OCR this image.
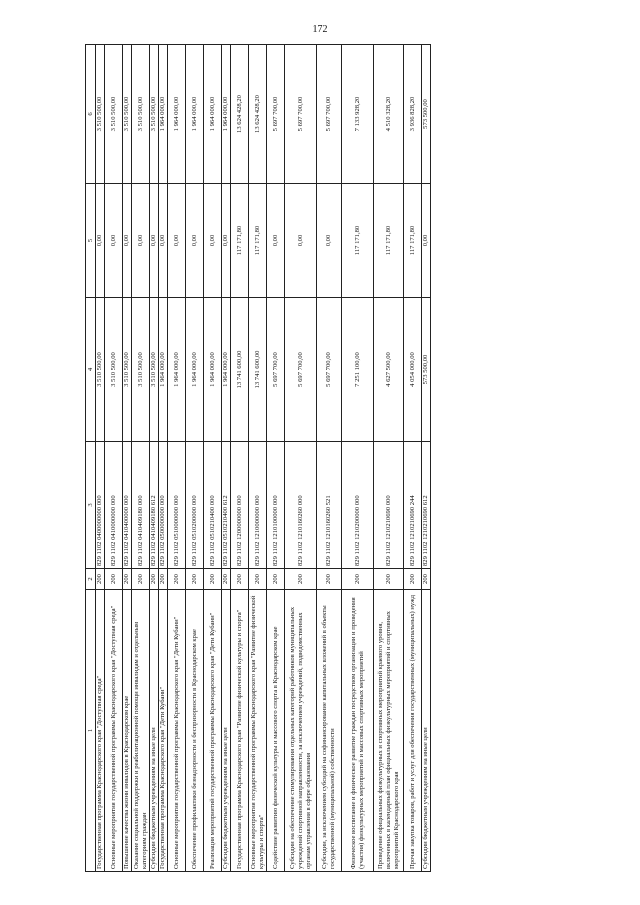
172
1	2	3	4	5	6
Государственная программа Краснодарского края "Доступная среда"	200	829 1102 0400000000 000	3 510 500,00	0,00	3 510 500,00
Основные мероприятия государственной программы Краснодарского края "Доступная среда"	200	829 1102 0410000000 000	3 510 500,00	0,00	3 510 500,00
Повышение качества жизни инвалидов в Краснодарском крае	200	829 1102 0410400000 000	3 510 500,00	0,00	3 510 500,00
Оказание социальной поддержки и реабилитационной помощи инвалидам и отдельным категориям граждан	200	829 1102 0410409180 000	3 510 500,00	0,00	3 510 500,00
Субсидии бюджетным учреждениям на иные цели	200	829 1102 0410409180 612	3 510 500,00	0,00	3 510 500,00
Государственная программа Краснодарского края "Дети Кубани"	200	829 1102 0500000000 000	1 964 000,00	0,00	1 964 000,00
Основные мероприятия государственной программы Краснодарского края "Дети Кубани"	200	829 1102 0510000000 000	1 964 000,00	0,00	1 964 000,00
Обеспечение профилактики безнадзорности и беспризорности в Краснодарском крае	200	829 1102 0510200000 000	1 964 000,00	0,00	1 964 000,00
Реализация мероприятий государственной программы Краснодарского края "Дети Кубани"	200	829 1102 0510210400 000	1 964 000,00	0,00	1 964 000,00
Субсидии бюджетным учреждениям на иные цели	200	829 1102 0510210400 612	1 964 000,00	0,00	1 964 000,00
Государственная программа Краснодарского края "Развитие физической культуры и спорта"	200	829 1102 1200000000 000	13 741 600,00	117 171,80	13 624 428,20
Основные мероприятия государственной программы Краснодарского края "Развитие физической культуры и спорта"	200	829 1102 1210000000 000	13 741 600,00	117 171,80	13 624 428,20
Содействие развитию физической культуры и массового спорта в Краснодарском крае	200	829 1102 1210100000 000	5 697 700,00	0,00	5 697 700,00
Субсидии на обеспечение стимулирования отдельных категорий работников муниципальных учреждений спортивной направленности, за исключением учреждений, подведомственных органам управления в сфере образования	200	829 1102 1210160260 000	5 697 700,00	0,00	5 697 700,00
Субсидии, за исключением субсидий на софинансирование капитальных вложений в объекты государственной (муниципальной) собственности	200	829 1102 1210160260 521	5 697 700,00	0,00	5 697 700,00
Физическое воспитание и физическое развитие граждан посредством организации и проведения (участия) физкультурных мероприятий и массовых спортивных мероприятий	200	829 1102 1210200000 000	7 251 100,00	117 171,80	7 133 928,20
Проведение официальных физкультурных и спортивных мероприятий краевого уровня, включенных в календарный план официальных физкультурных мероприятий и спортивных мероприятий Краснодарского края	200	829 1102 1210210690 000	4 627 500,00	117 171,80	4 510 328,20
Прочая закупка товаров, работ и услуг для обеспечения государственных (муниципальных) нужд	200	829 1102 1210210690 244	4 054 000,00	117 171,80	3 936 828,20
Субсидии бюджетным учреждениям на иные цели	200	829 1102 1210210690 612	573 500,00	0,00	573 500,00
